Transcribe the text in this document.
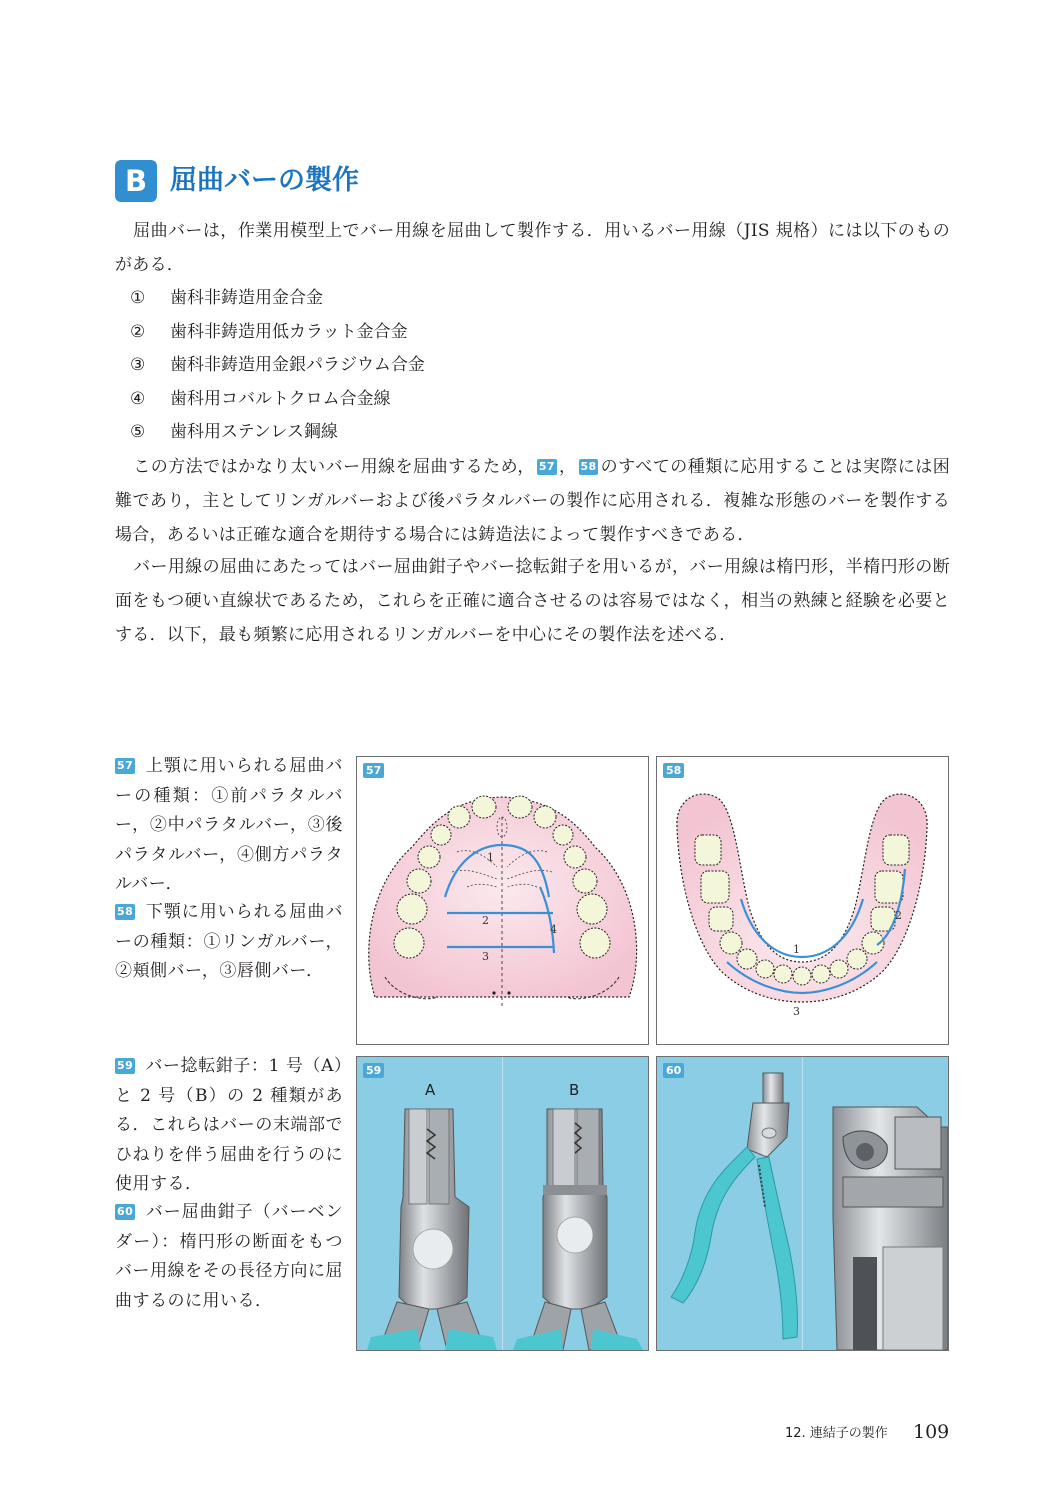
B 屈曲バーの製作

屈曲バーは，作業用模型上でバー用線を屈曲して製作する．用いるバー用線（JIS 規格）には以下のものがある．

① 歯科非鋳造用金合金
② 歯科非鋳造用低カラット金合金
③ 歯科非鋳造用金銀パラジウム合金
④ 歯科用コバルトクロム合金線
⑤ 歯科用ステンレス鋼線

この方法ではかなり太いバー用線を屈曲するため， 57 ， 58 のすべての種類に応用することは実際には困難であり，主としてリンガルバーおよび後パラタルバーの製作に応用される．複雑な形態のバーを製作する場合，あるいは正確な適合を期待する場合には鋳造法によって製作すべきである．

バー用線の屈曲にあたってはバー屈曲鉗子やバー捻転鉗子を用いるが，バー用線は楕円形，半楕円形の断面をもつ硬い直線状であるため，これらを正確に適合させるのは容易ではなく，相当の熟練と経験を必要とする．以下，最も頻繁に応用されるリンガルバーを中心にその製作法を述べる．

57 上顎に用いられる屈曲バーの種類：①前パラタルバー，②中パラタルバー，③後パラタルバー，④側方パラタルバー．

58 下顎に用いられる屈曲バーの種類：①リンガルバー，②頬側バー，③唇側バー．

59 バー捻転鉗子：1 号（A）と 2 号（B）の 2 種類がある．これらはバーの末端部でひねりを伴う屈曲を行うのに使用する．

60 バー屈曲鉗子（バーベンダー）：楕円形の断面をもつバー用線をその長径方向に屈曲するのに用いる．

57
1
2
3
4
58
1
2
3
59
A	B
60
12. 連結子の製作 109
